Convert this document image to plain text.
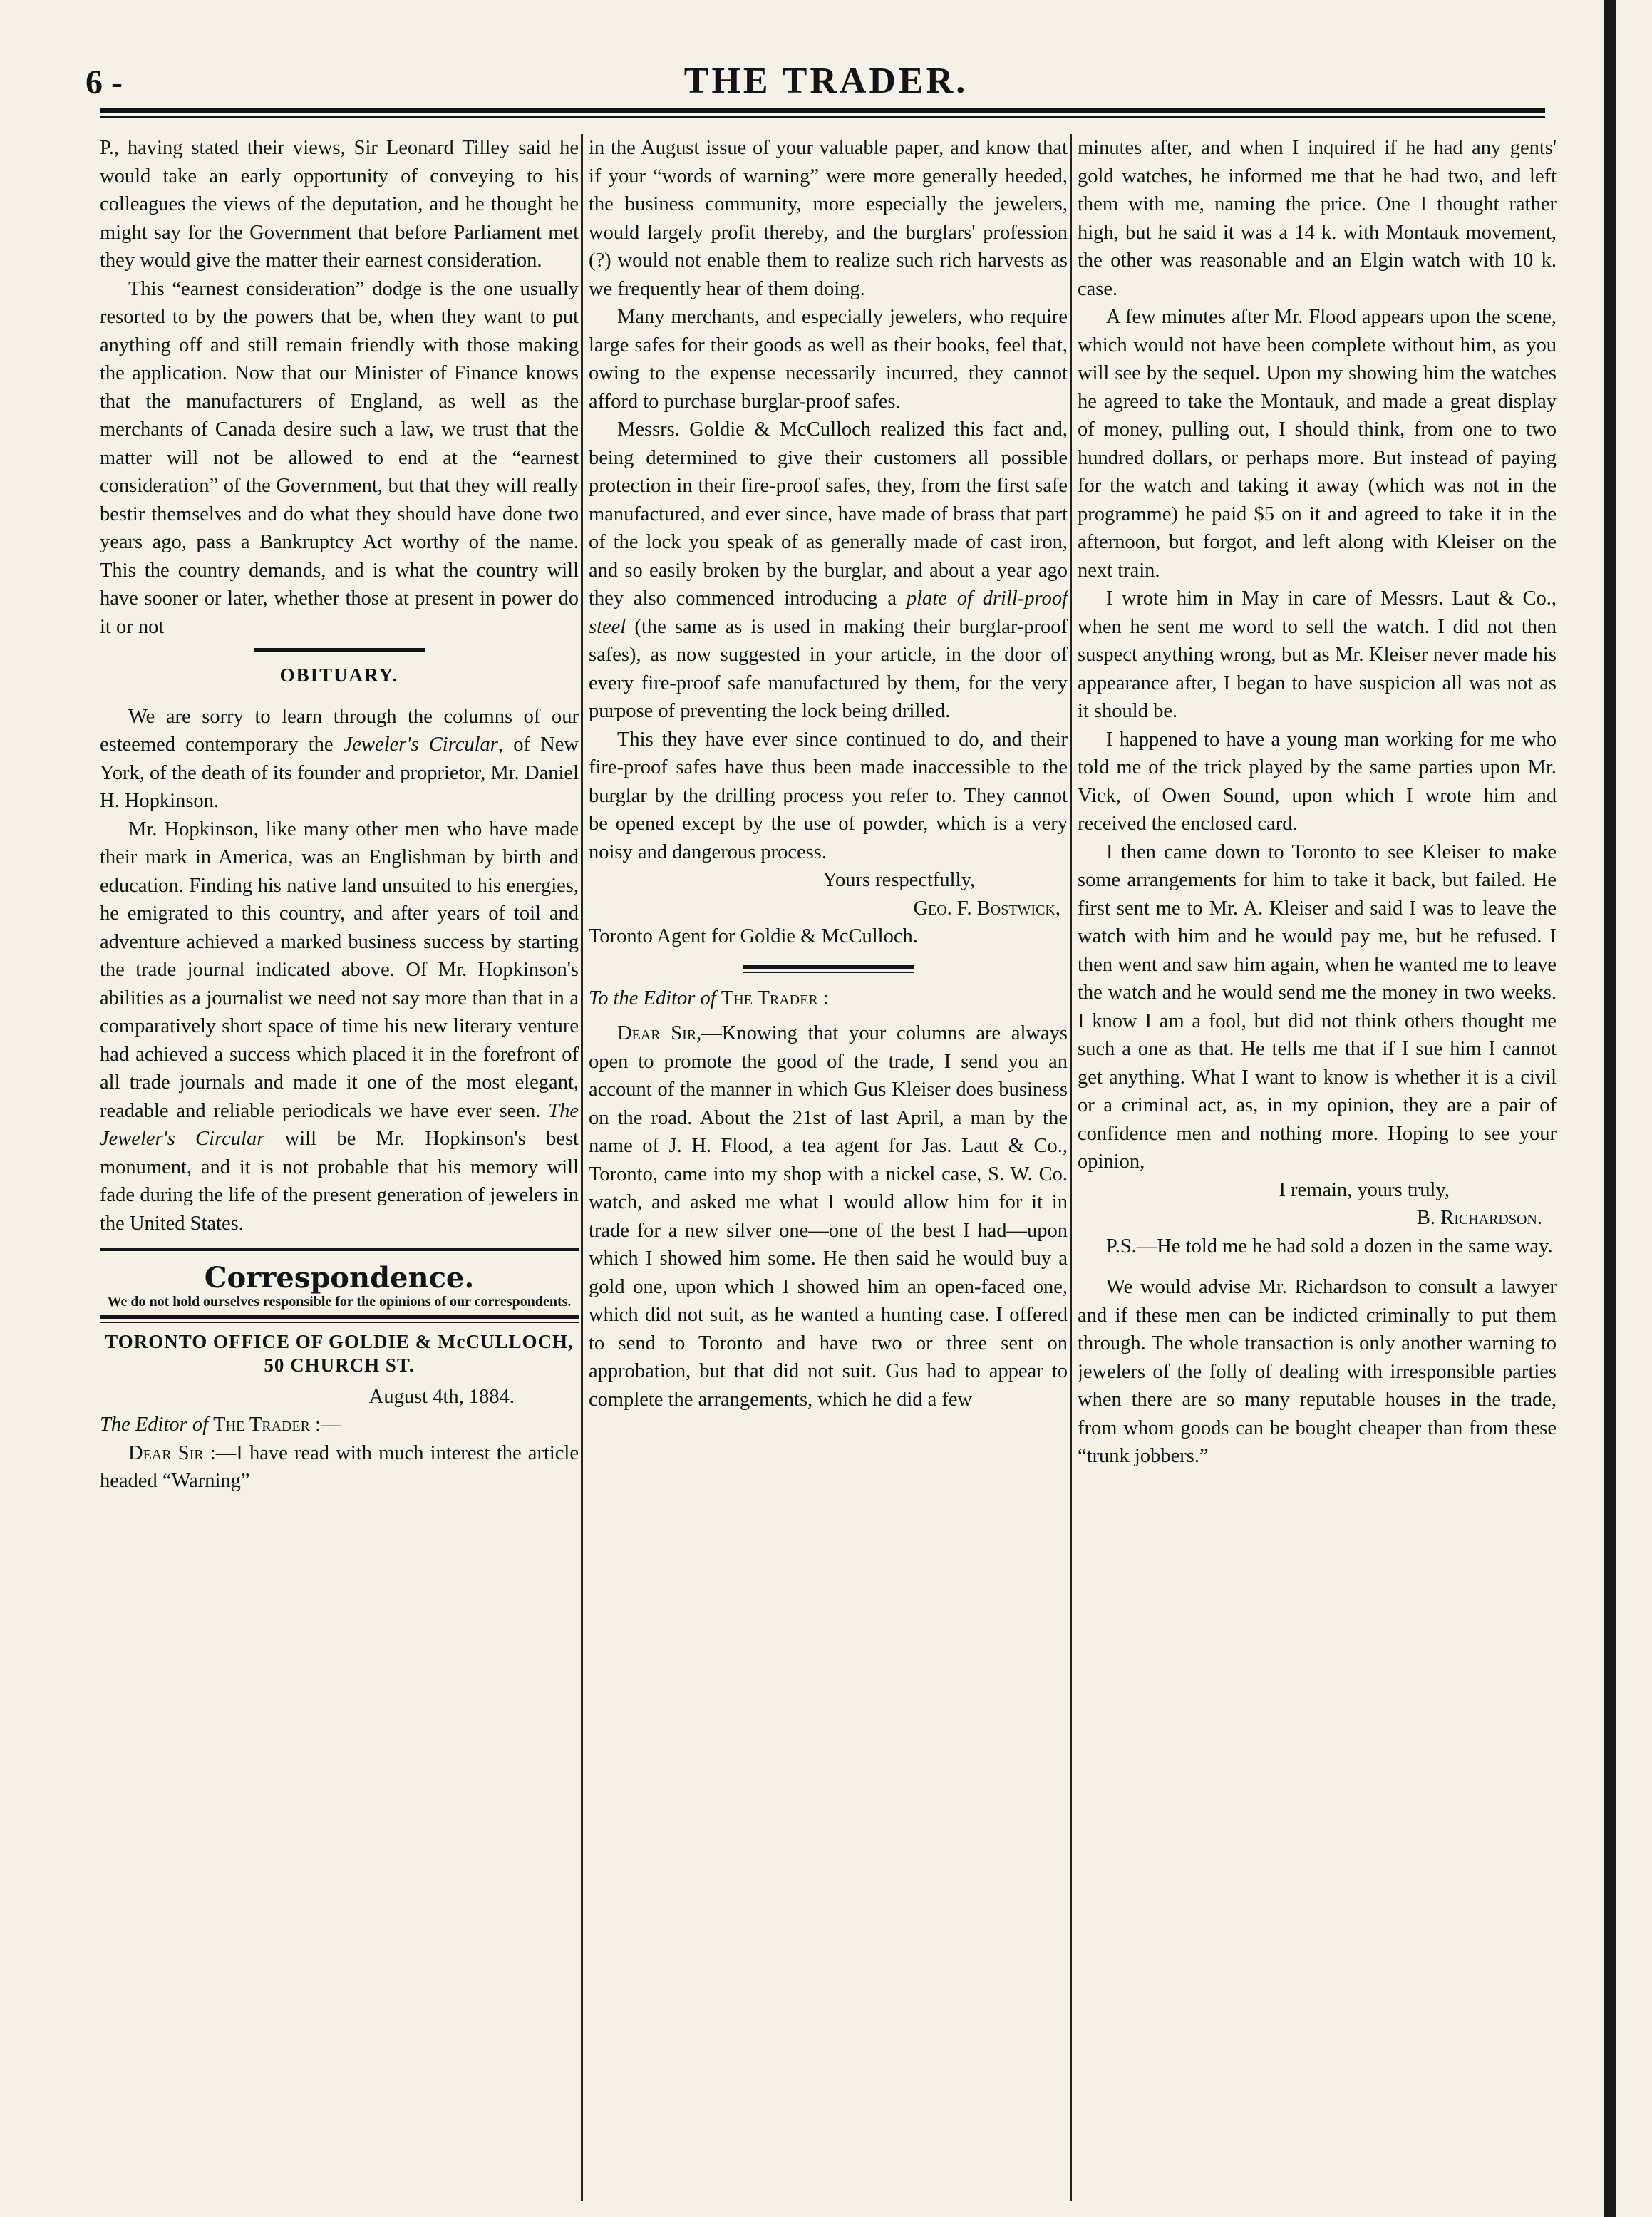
6 -	THE TRADER.

P., having stated their views, Sir Leonard Tilley said he would take an early opportunity of conveying to his colleagues the views of the deputation, and he thought he might say for the Government that before Parliament met they would give the matter their earnest consideration.

This “earnest consideration” dodge is the one usually resorted to by the powers that be, when they want to put anything off and still remain friendly with those making the application. Now that our Minister of Finance knows that the manufacturers of England, as well as the merchants of Canada desire such a law, we trust that the matter will not be allowed to end at the “earnest consideration” of the Government, but that they will really bestir themselves and do what they should have done two years ago, pass a Bankruptcy Act worthy of the name. This the country demands, and is what the country will have sooner or later, whether those at present in power do it or not

OBITUARY.

We are sorry to learn through the columns of our esteemed contemporary the Jeweler's Circular, of New York, of the death of its founder and proprietor, Mr. Daniel H. Hopkinson.

Mr. Hopkinson, like many other men who have made their mark in America, was an Englishman by birth and education. Finding his native land unsuited to his energies, he emigrated to this country, and after years of toil and adventure achieved a marked business success by starting the trade journal indicated above. Of Mr. Hopkinson's abilities as a journalist we need not say more than that in a comparatively short space of time his new literary venture had achieved a success which placed it in the forefront of all trade journals and made it one of the most elegant, readable and reliable periodicals we have ever seen. The Jeweler's Circular will be Mr. Hopkinson's best monument, and it is not probable that his memory will fade during the life of the present generation of jewelers in the United States.

Correspondence.
We do not hold ourselves responsible for the opinions of our correspondents.
TORONTO OFFICE OF GOLDIE & McCULLOCH, 50 CHURCH ST.

August 4th, 1884.

The Editor of The Trader :—

Dear Sir :—I have read with much interest the article headed “Warning”

in the August issue of your valuable paper, and know that if your “words of warning” were more generally heeded, the business community, more especially the jewelers, would largely profit thereby, and the burglars' profession (?) would not enable them to realize such rich harvests as we frequently hear of them doing.

Many merchants, and especially jewelers, who require large safes for their goods as well as their books, feel that, owing to the expense necessarily incurred, they cannot afford to purchase burglar-proof safes.

Messrs. Goldie & McCulloch realized this fact and, being determined to give their customers all possible protection in their fire-proof safes, they, from the first safe manufactured, and ever since, have made of brass that part of the lock you speak of as generally made of cast iron, and so easily broken by the burglar, and about a year ago they also commenced introducing a plate of drill-proof steel (the same as is used in making their burglar-proof safes), as now suggested in your article, in the door of every fire-proof safe manufactured by them, for the very purpose of preventing the lock being drilled.

This they have ever since continued to do, and their fire-proof safes have thus been made inaccessible to the burglar by the drilling process you refer to. They cannot be opened except by the use of powder, which is a very noisy and dangerous process.

Yours respectfully,

Geo. F. Bostwick,

Toronto Agent for Goldie & McCulloch.

To the Editor of The Trader :

Dear Sir,—Knowing that your columns are always open to promote the good of the trade, I send you an account of the manner in which Gus Kleiser does business on the road. About the 21st of last April, a man by the name of J. H. Flood, a tea agent for Jas. Laut & Co., Toronto, came into my shop with a nickel case, S. W. Co. watch, and asked me what I would allow him for it in trade for a new silver one—one of the best I had—upon which I showed him some. He then said he would buy a gold one, upon which I showed him an open-faced one, which did not suit, as he wanted a hunting case. I offered to send to Toronto and have two or three sent on approbation, but that did not suit. Gus had to appear to complete the arrangements, which he did a few

minutes after, and when I inquired if he had any gents' gold watches, he informed me that he had two, and left them with me, naming the price. One I thought rather high, but he said it was a 14 k. with Montauk movement, the other was reasonable and an Elgin watch with 10 k. case.

A few minutes after Mr. Flood appears upon the scene, which would not have been complete without him, as you will see by the sequel. Upon my showing him the watches he agreed to take the Montauk, and made a great display of money, pulling out, I should think, from one to two hundred dollars, or perhaps more. But instead of paying for the watch and taking it away (which was not in the programme) he paid $5 on it and agreed to take it in the afternoon, but forgot, and left along with Kleiser on the next train.

I wrote him in May in care of Messrs. Laut & Co., when he sent me word to sell the watch. I did not then suspect anything wrong, but as Mr. Kleiser never made his appearance after, I began to have suspicion all was not as it should be.

I happened to have a young man working for me who told me of the trick played by the same parties upon Mr. Vick, of Owen Sound, upon which I wrote him and received the enclosed card.

I then came down to Toronto to see Kleiser to make some arrangements for him to take it back, but failed. He first sent me to Mr. A. Kleiser and said I was to leave the watch with him and he would pay me, but he refused. I then went and saw him again, when he wanted me to leave the watch and he would send me the money in two weeks. I know I am a fool, but did not think others thought me such a one as that. He tells me that if I sue him I cannot get anything. What I want to know is whether it is a civil or a criminal act, as, in my opinion, they are a pair of confidence men and nothing more. Hoping to see your opinion,

I remain, yours truly,

B. Richardson.

P.S.—He told me he had sold a dozen in the same way.

We would advise Mr. Richardson to consult a lawyer and if these men can be indicted criminally to put them through. The whole transaction is only another warning to jewelers of the folly of dealing with irresponsible parties when there are so many reputable houses in the trade, from whom goods can be bought cheaper than from these “trunk jobbers.”
